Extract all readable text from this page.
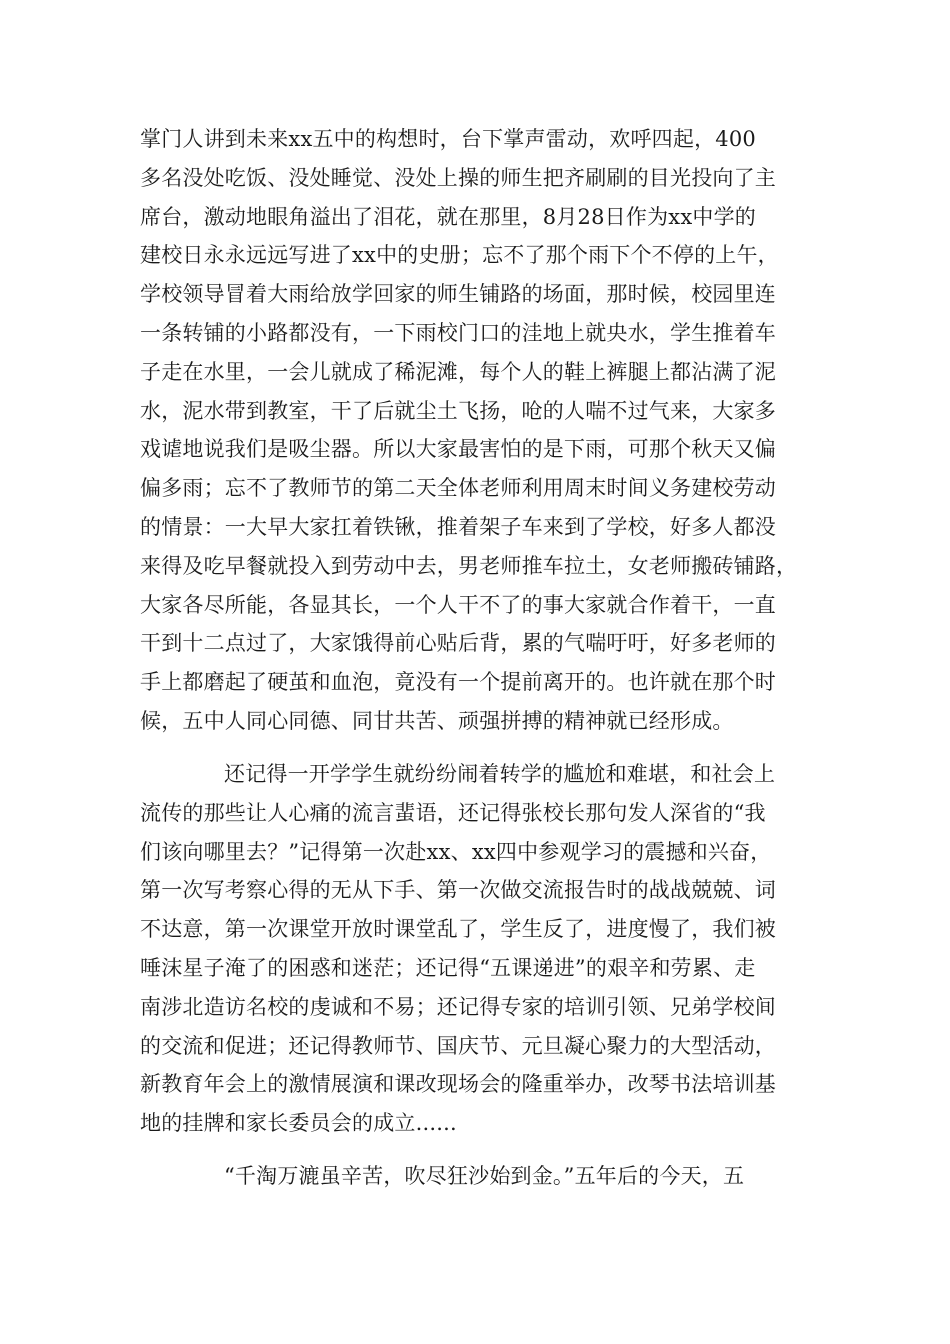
掌门人讲到未来xx五中的构想时，台下掌声雷动，欢呼四起，400
多名没处吃饭、没处睡觉、没处上操的师生把齐刷刷的目光投向了主
席台，激动地眼角溢出了泪花，就在那里，8月28日作为xx中学的
建校日永永远远写进了xx中的史册；忘不了那个雨下个不停的上午，
学校领导冒着大雨给放学回家的师生铺路的场面，那时候，校园里连
一条转铺的小路都没有，一下雨校门口的洼地上就央水，学生推着车
子走在水里，一会儿就成了稀泥滩，每个人的鞋上裤腿上都沾满了泥
水，泥水带到教室，干了后就尘土飞扬，呛的人喘不过气来，大家多
戏谑地说我们是吸尘器。所以大家最害怕的是下雨，可那个秋天又偏
偏多雨；忘不了教师节的第二天全体老师利用周末时间义务建校劳动
的情景：一大早大家扛着铁锹，推着架子车来到了学校，好多人都没
来得及吃早餐就投入到劳动中去，男老师推车拉土，女老师搬砖铺路，
大家各尽所能，各显其长，一个人干不了的事大家就合作着干，一直
干到十二点过了，大家饿得前心贴后背，累的气喘吁吁，好多老师的
手上都磨起了硬茧和血泡，竟没有一个提前离开的。也许就在那个时
候，五中人同心同德、同甘共苦、顽强拼搏的精神就已经形成。
还记得一开学学生就纷纷闹着转学的尴尬和难堪，和社会上
流传的那些让人心痛的流言蜚语，还记得张校长那句发人深省的“我
们该向哪里去？”记得第一次赴xx、xx四中参观学习的震撼和兴奋，
第一次写考察心得的无从下手、第一次做交流报告时的战战兢兢、词
不达意，第一次课堂开放时课堂乱了，学生反了，进度慢了，我们被
唾沫星子淹了的困惑和迷茫；还记得“五课递进”的艰辛和劳累、走
南涉北造访名校的虔诚和不易；还记得专家的培训引领、兄弟学校间
的交流和促进；还记得教师节、国庆节、元旦凝心聚力的大型活动，
新教育年会上的激情展演和课改现场会的隆重举办，改琴书法培训基
地的挂牌和家长委员会的成立......
“千淘万漉虽辛苦，吹尽狂沙始到金。”五年后的今天，五
